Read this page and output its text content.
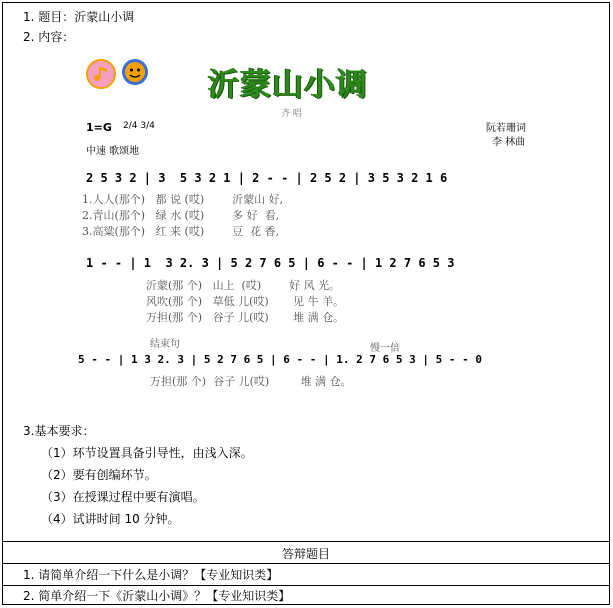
1. 题目：沂蒙山小调
2. 内容：
沂蒙山小调
齐 唱
1=G 2/4 3/4
中速 歌颂地
阮若珊词
李 林曲
2 5 3 2 | 3  5 3 2 1 | 2 - - | 2 5 2 | 3 5 3 2 1 6
1.人人(那个)   都 说 (哎)        沂蒙山 好,
2.青山(那个)   绿 水 (哎)        多 好  看,
3.高粱(那个)   红 来 (哎)        豆  花 香,
1 - - | 1  3 2. 3 | 5 2 7 6 5 | 6 - - | 1 2 7 6 5 3
沂蒙(那 个)   山上  (哎)        好 风 光。
风吹(那 个)   草低 儿(哎)       见 牛 羊。
万担(那 个)   谷子 儿(哎)       堆 满 仓。
结束句	慢一倍
5 - - | 1 3 2. 3 | 5 2 7 6 5 | 6 - - | 1. 2 7 6 5 3 | 5 - - 0
万担(那 个)  谷子 儿(哎)         堆 满 仓。
3.基本要求：
（1）环节设置具备引导性，由浅入深。
（2）要有创编环节。
（3）在授课过程中要有演唱。
（4）试讲时间 10 分钟。
答辩题目
1. 请简单介绍一下什么是小调？【专业知识类】
2. 简单介绍一下《沂蒙山小调》？【专业知识类】
